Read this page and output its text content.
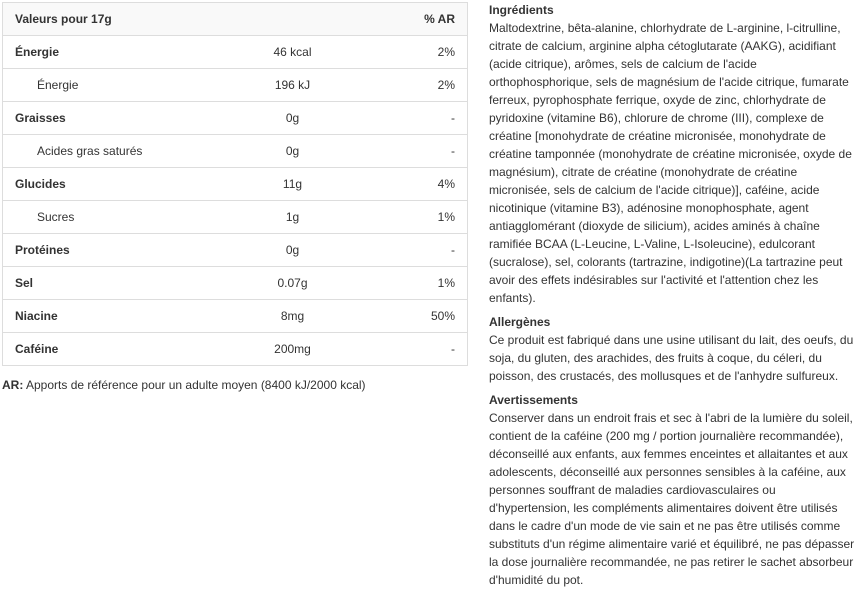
Valeurs pour 17g		% AR
Énergie	46 kcal	2%
Énergie	196 kJ	2%
Graisses	0g	-
Acides gras saturés	0g	-
Glucides	11g	4%
Sucres	1g	1%
Protéines	0g	-
Sel	0.07g	1%
Niacine	8mg	50%
Caféine	200mg	-
AR: Apports de référence pour un adulte moyen (8400 kJ/2000 kcal)
Ingrédients

Maltodextrine, bêta-alanine, chlorhydrate de L-arginine, l-citrulline, citrate de calcium, arginine alpha cétoglutarate (AAKG), acidifiant (acide citrique), arômes, sels de calcium de l'acide orthophosphorique, sels de magnésium de l'acide citrique, fumarate ferreux, pyrophosphate ferrique, oxyde de zinc, chlorhydrate de pyridoxine (vitamine B6), chlorure de chrome (III), complexe de créatine [monohydrate de créatine micronisée, monohydrate de créatine tamponnée (monohydrate de créatine micronisée, oxyde de magnésium), citrate de créatine (monohydrate de créatine micronisée, sels de calcium de l'acide citrique)], caféine, acide nicotinique (vitamine B3), adénosine monophosphate, agent antiagglomérant (dioxyde de silicium), acides aminés à chaîne ramifiée BCAA (L-Leucine, L-Valine, L-Isoleucine), edulcorant (sucralose), sel, colorants (tartrazine, indigotine)(La tartrazine peut avoir des effets indésirables sur l'activité et l'attention chez les enfants).

Allergènes

Ce produit est fabriqué dans une usine utilisant du lait, des oeufs, du soja, du gluten, des arachides, des fruits à coque, du céleri, du poisson, des crustacés, des mollusques et de l'anhydre sulfureux.

Avertissements

Conserver dans un endroit frais et sec à l'abri de la lumière du soleil, contient de la caféine (200 mg / portion journalière recommandée), déconseillé aux enfants, aux femmes enceintes et allaitantes et aux adolescents, déconseillé aux personnes sensibles à la caféine, aux personnes souffrant de maladies cardiovasculaires ou d'hypertension, les compléments alimentaires doivent être utilisés dans le cadre d'un mode de vie sain et ne pas être utilisés comme substituts d'un régime alimentaire varié et équilibré, ne pas dépasser la dose journalière recommandée, ne pas retirer le sachet absorbeur d'humidité du pot.
